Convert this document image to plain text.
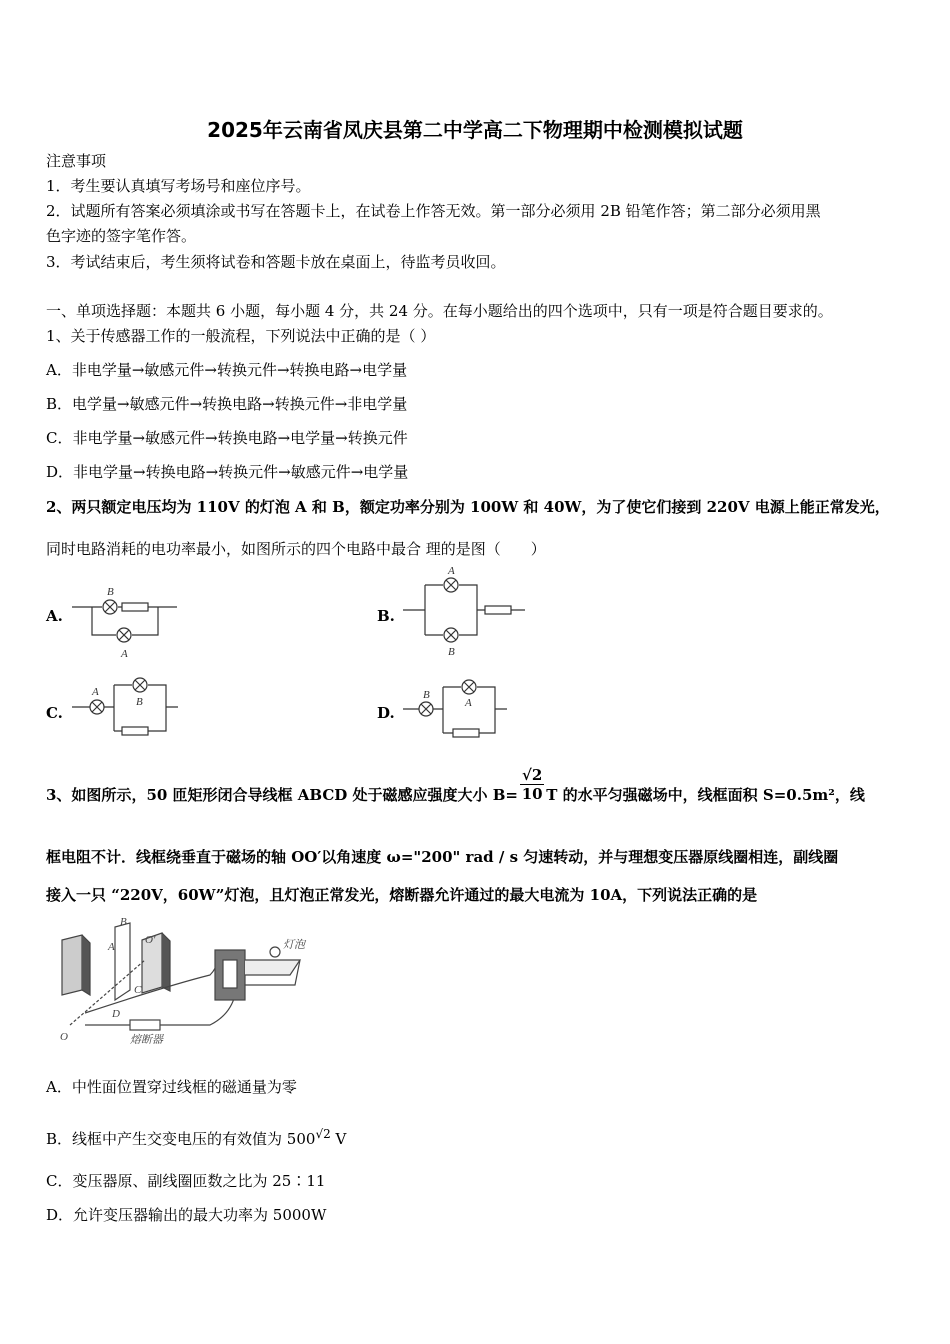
2025年云南省凤庆县第二中学高二下物理期中检测模拟试题
注意事项
1．考生要认真填写考场号和座位序号。
2．试题所有答案必须填涂或书写在答题卡上，在试卷上作答无效。第一部分必须用 2B 铅笔作答；第二部分必须用黑
色字迹的签字笔作答。
3．考试结束后，考生须将试卷和答题卡放在桌面上，待监考员收回。
一、单项选择题：本题共 6 小题，每小题 4 分，共 24 分。在每小题给出的四个选项中，只有一项是符合题目要求的。
1、关于传感器工作的一般流程，下列说法中正确的是（ ）
A．非电学量→敏感元件→转换元件→转换电路→电学量
B．电学量→敏感元件→转换电路→转换元件→非电学量
C．非电学量→敏感元件→转换电路→电学量→转换元件
D．非电学量→转换电路→转换元件→敏感元件→电学量
2、两只额定电压均为 110V 的灯泡 A 和 B，额定功率分别为 100W 和 40W，为了使它们接到 220V 电源上能正常发光，
同时电路消耗的电功率最小，如图所示的四个电路中最合 理的是图（　　）
A.	B.
C.	D.
B
A
A
B
A
B
B
A
3、如图所示，50 匝矩形闭合导线框 ABCD 处于磁感应强度大小 $B= \frac{√2}{10}$ T 的水平匀强磁场中，线框面积 S=0.5m²，线
框电阻不计．线框绕垂直于磁场的轴 OO′以角速度 ω="200" rad / s 匀速转动，并与理想变压器原线圈相连，副线圈
接入一只 “220V，60W”灯泡，且灯泡正常发光，熔断器允许通过的最大电流为 10A，下列说法正确的是
灯泡
熔断器
B
A
C
D
O
O′
A．中性面位置穿过线框的磁通量为零
B．线框中产生交变电压的有效值为 $500^{√2}$ V
C．变压器原、副线圈匝数之比为 25∶11
D．允许变压器输出的最大功率为 5000W
